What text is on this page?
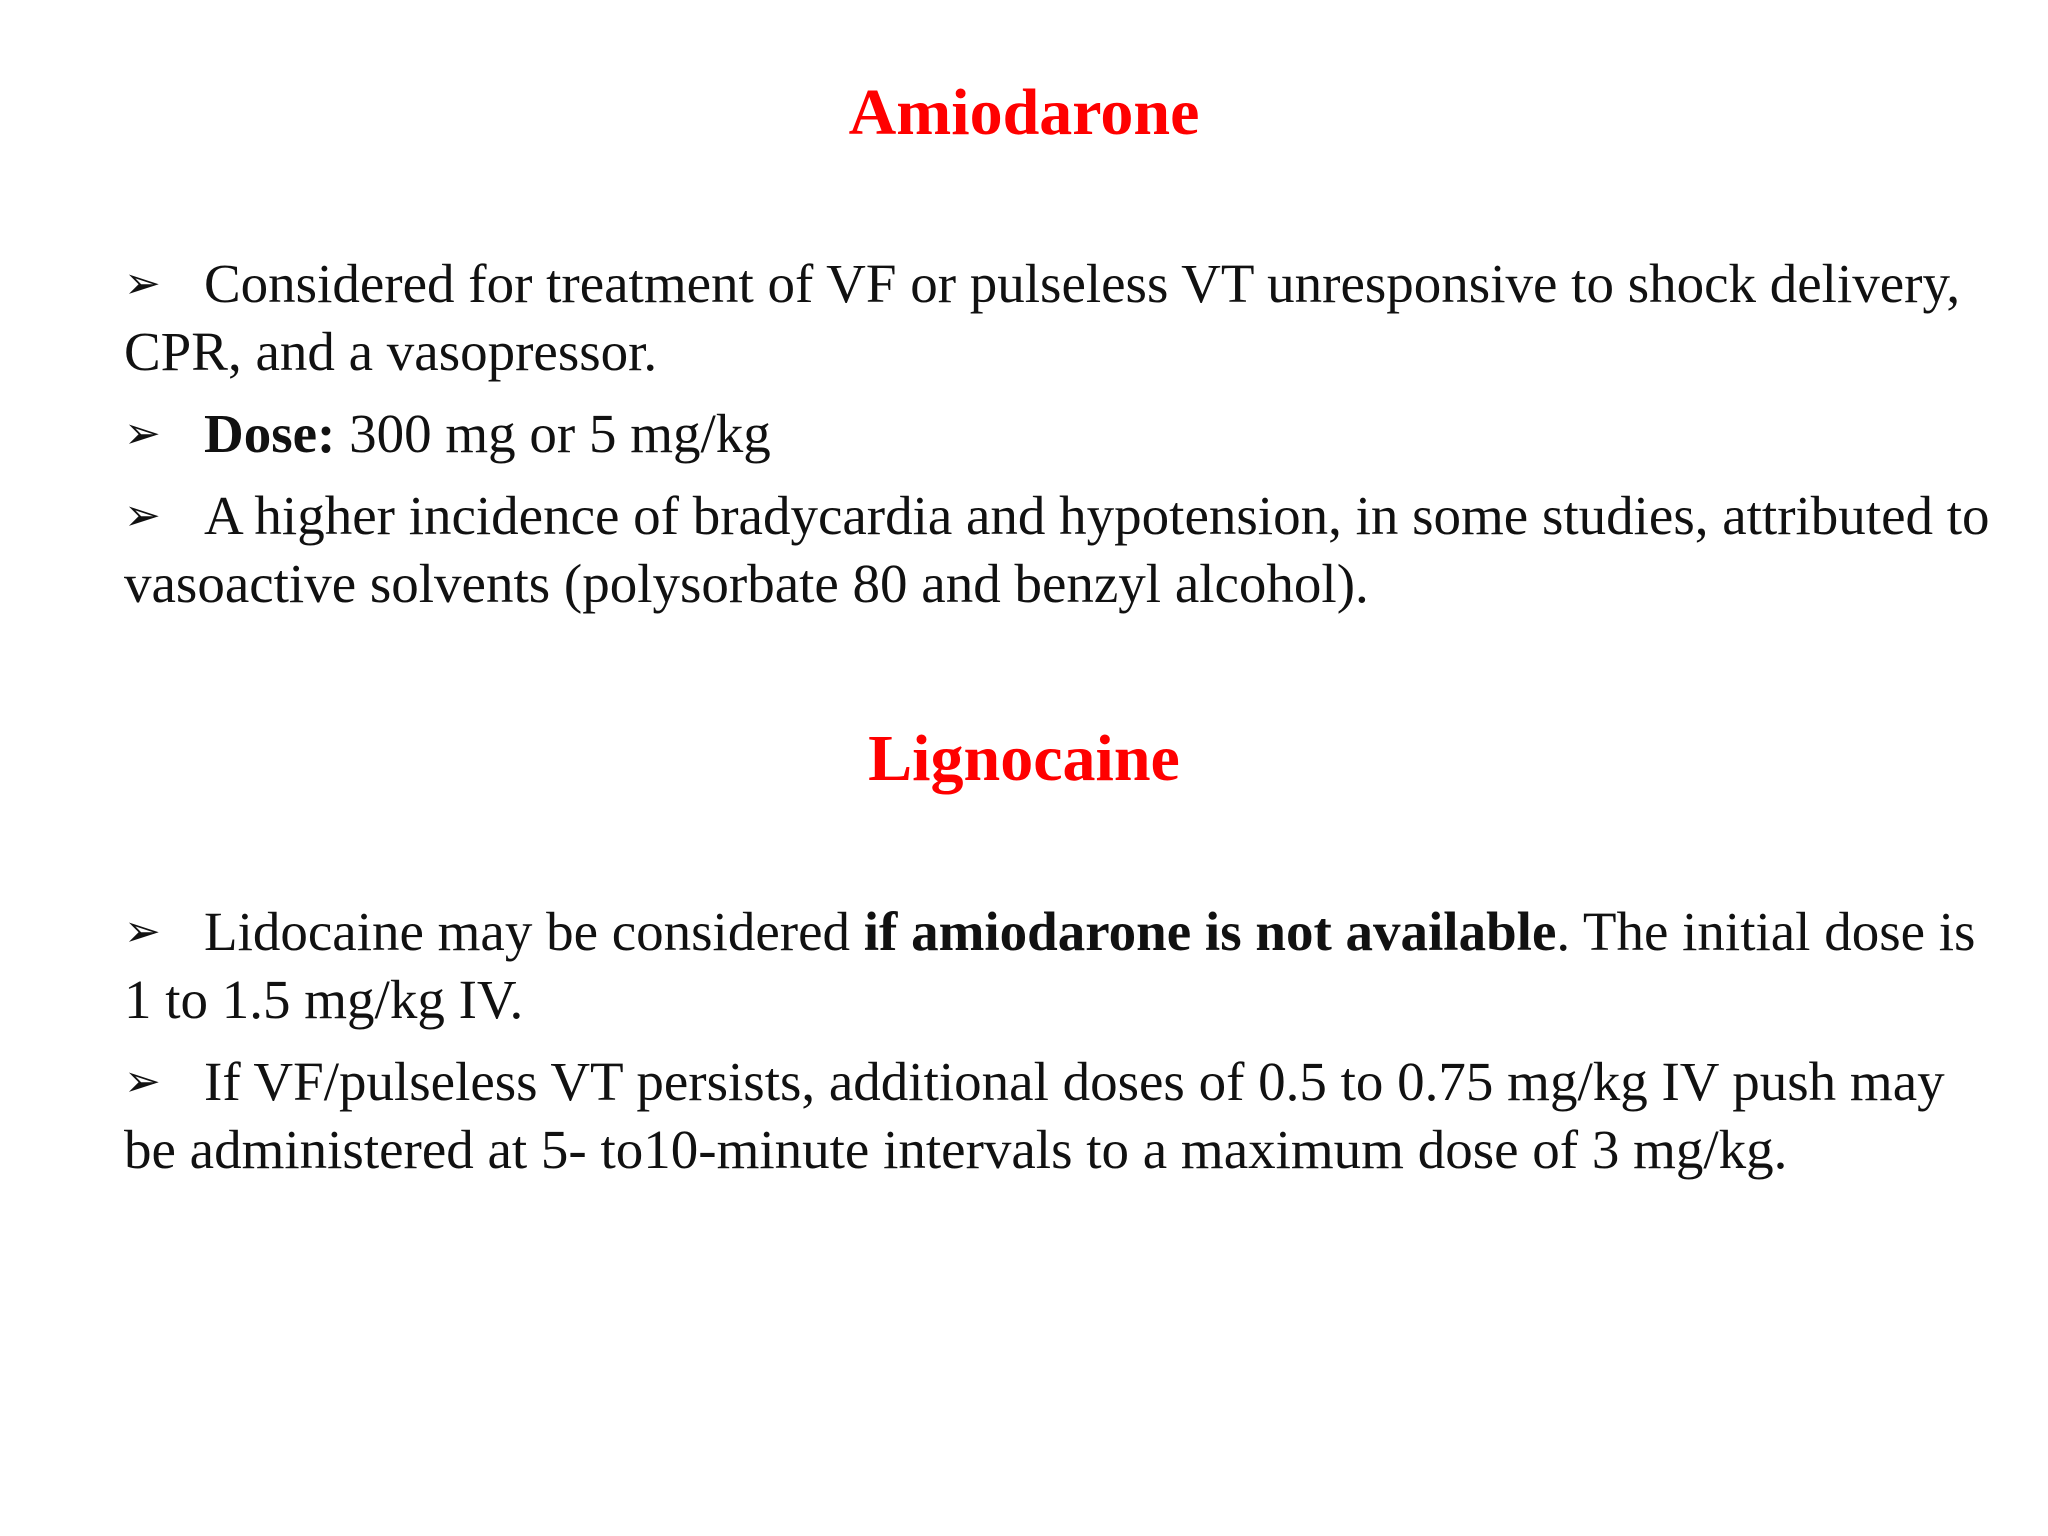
Amiodarone
➢ Considered for treatment of VF or pulseless VT unresponsive to shock delivery, CPR, and a vasopressor.
➢ Dose: 300 mg or 5 mg/kg
➢ A higher incidence of bradycardia and hypotension, in some studies, attributed to vasoactive solvents (polysorbate 80 and benzyl alcohol).
Lignocaine
➢ Lidocaine may be considered if amiodarone is not available. The initial dose is 1 to 1.5 mg/kg IV.
➢ If VF/pulseless VT persists, additional doses of 0.5 to 0.75 mg/kg IV push may be administered at 5- to10-minute intervals to a maximum dose of 3 mg/kg.
